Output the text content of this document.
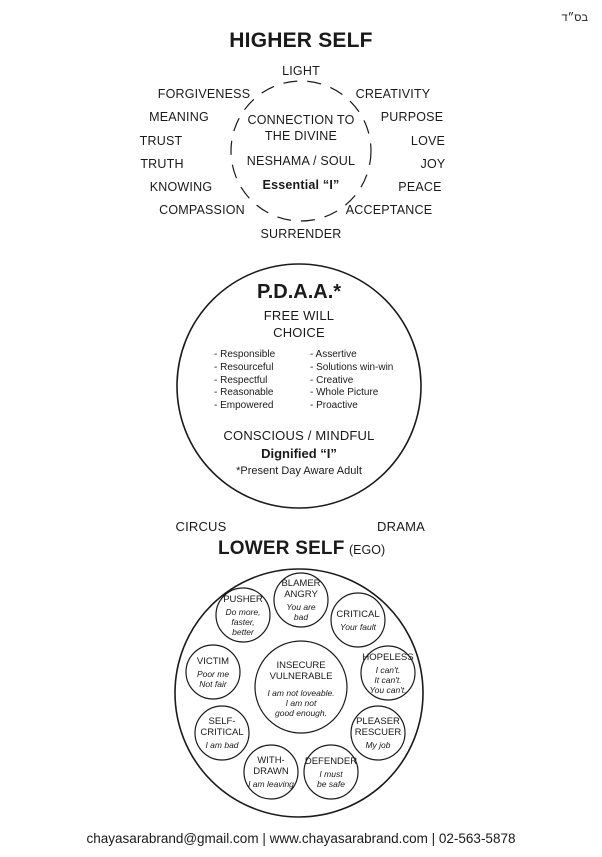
בס״ד
HIGHER SELF
LIGHT
SURRENDER
CONNECTION TO
THE DIVINE
NESHAMA / SOUL
Essential “I”
FORGIVENESS
MEANING
TRUST
TRUTH
KNOWING
COMPASSION
CREATIVITY
PURPOSE
LOVE
JOY
PEACE
ACCEPTANCE
P.D.A.A.*
FREE WILL
CHOICE
- Responsible
- Resourceful
- Respectful
- Reasonable
- Empowered
- Assertive
- Solutions win-win
- Creative
- Whole Picture
- Proactive
CONSCIOUS / MINDFUL
Dignified “I”
*Present Day Aware Adult
CIRCUS	DRAMA
LOWER SELF (EGO)
INSECURE
VULNERABLE
I am not loveable.
I am not
good enough.
BLAMER
ANGRY
You are
bad	CRITICAL
Your fault
HOPELESS
I can't.
It can't.
You can't.
PLEASER
RESCUER
My job
DEFENDER
I must
be safe
WITH-
DRAWN
I am leaving
SELF-
CRITICAL
I am bad
VICTIM
Poor me
Not fair
PUSHER
Do more,
faster,
better
chayasarabrand@gmail.com | www.chayasarabrand.com | 02-563-5878
